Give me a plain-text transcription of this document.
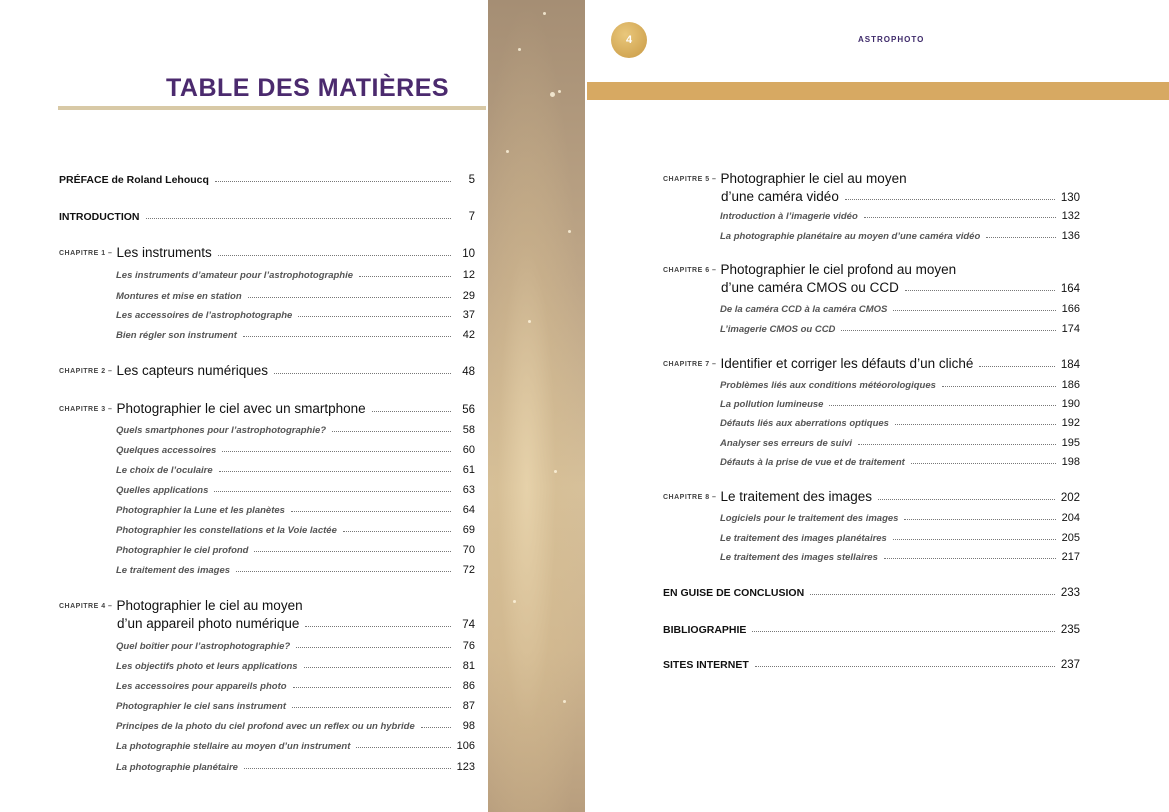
TABLE DES MATIÈRES
PRÉFACE de Roland Lehoucq	5
INTRODUCTION	7
CHAPITRE 1 – Les instruments	10
Les instruments d’amateur pour l’astrophotographie	12
Montures et mise en station	29
Les accessoires de l’astrophotographe	37
Bien régler son instrument	42
CHAPITRE 2 – Les capteurs numériques	48
CHAPITRE 3 – Photographier le ciel avec un smartphone	56
Quels smartphones pour l’astrophotographie?	58
Quelques accessoires	60
Le choix de l’oculaire	61
Quelles applications	63
Photographier la Lune et les planètes	64
Photographier les constellations et la Voie lactée	69
Photographier le ciel profond	70
Le traitement des images	72
CHAPITRE 4 – Photographier le ciel au moyen
d’un appareil photo numérique	74
Quel boîtier pour l’astrophotographie?	76
Les objectifs photo et leurs applications	81
Les accessoires pour appareils photo	86
Photographier le ciel sans instrument	87
Principes de la photo du ciel profond avec un reflex ou un hybride	98
La photographie stellaire au moyen d’un instrument	106
La photographie planétaire	123
4	ASTROPHOTO
CHAPITRE 5 – Photographier le ciel au moyen
d’une caméra vidéo	130
Introduction à l’imagerie vidéo	132
La photographie planétaire au moyen d’une caméra vidéo	136
CHAPITRE 6 – Photographier le ciel profond au moyen
d’une caméra CMOS ou CCD	164
De la caméra CCD à la caméra CMOS	166
L’imagerie CMOS ou CCD	174
CHAPITRE 7 – Identifier et corriger les défauts d’un cliché	184
Problèmes liés aux conditions météorologiques	186
La pollution lumineuse	190
Défauts liés aux aberrations optiques	192
Analyser ses erreurs de suivi	195
Défauts à la prise de vue et de traitement	198
CHAPITRE 8 – Le traitement des images	202
Logiciels pour le traitement des images	204
Le traitement des images planétaires	205
Le traitement des images stellaires	217
EN GUISE DE CONCLUSION	233
BIBLIOGRAPHIE	235
SITES INTERNET	237
